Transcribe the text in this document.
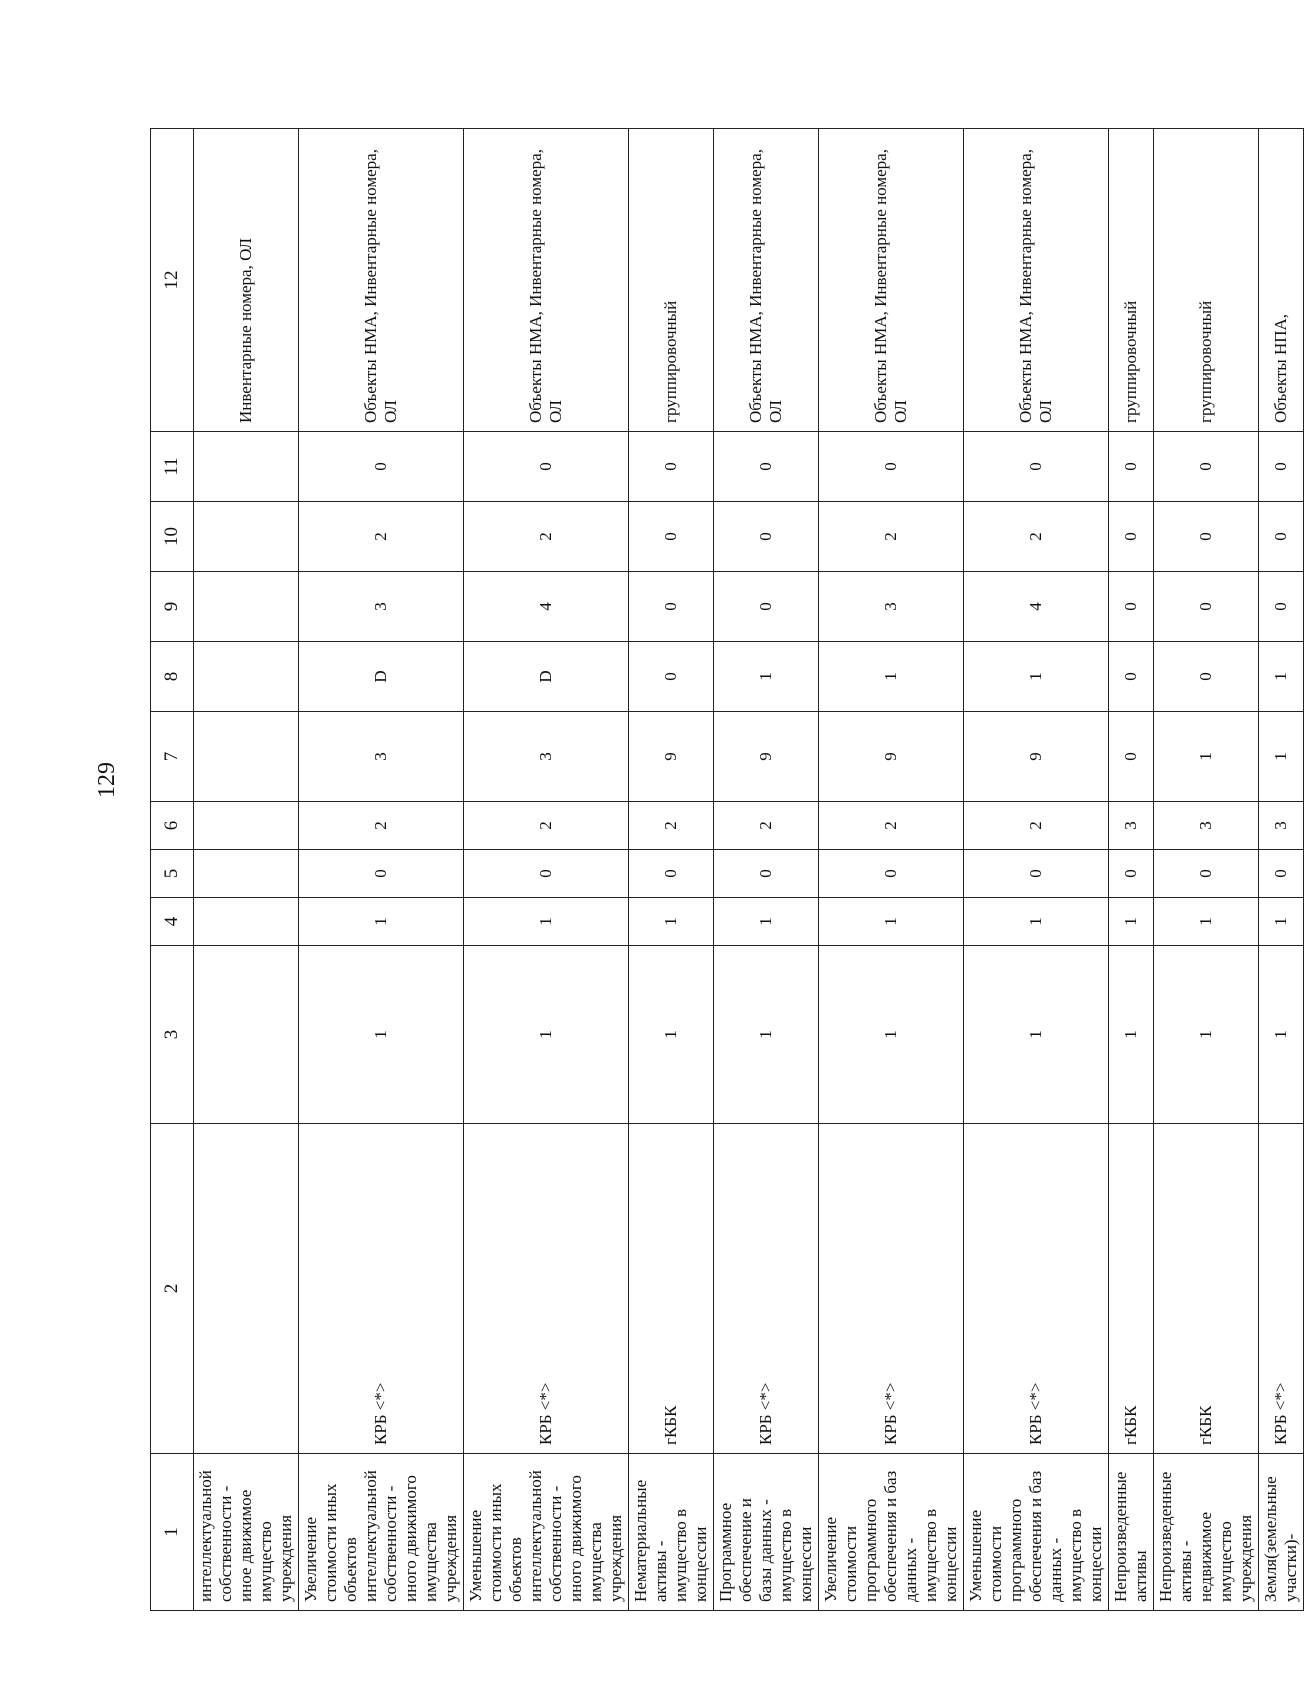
129
1	2	3	4	5	6	7	8	9	10	11	12
интеллектуальной собственности - иное движимое имущество учреждения											Инвентарные номера, ОЛ
Увеличение стоимости иных объектов интеллектуальной собственности - иного движимого имущества учреждения	КРБ <*>	1	1	0	2	3	D	3	2	0	Объекты НМА, Инвентарные номера, ОЛ
Уменьшение стоимости иных объектов интеллектуальной собственности - иного движимого имущества учреждения	КРБ <*>	1	1	0	2	3	D	4	2	0	Объекты НМА, Инвентарные номера, ОЛ
Нематериальные активы - имущество в концессии	гКБК	1	1	0	2	9	0	0	0	0	группировочный
Программное обеспечение и базы данных - имущество в концессии	КРБ <*>	1	1	0	2	9	1	0	0	0	Объекты НМА, Инвентарные номера, ОЛ
Увеличение стоимости программного обеспечения и баз данных - имущество в концессии	КРБ <*>	1	1	0	2	9	1	3	2	0	Объекты НМА, Инвентарные номера, ОЛ
Уменьшение стоимости программного обеспечения и баз данных - имущество в концессии	КРБ <*>	1	1	0	2	9	1	4	2	0	Объекты НМА, Инвентарные номера, ОЛ
Непроизведенные активы	гКБК	1	1	0	3	0	0	0	0	0	группировочный
Непроизведенные активы - недвижимое имущество учреждения	гКБК	1	1	0	3	1	0	0	0	0	группировочный
Земля(земельные участки)-	КРБ <*>	1	1	0	3	1	1	0	0	0	Объекты НПА,
